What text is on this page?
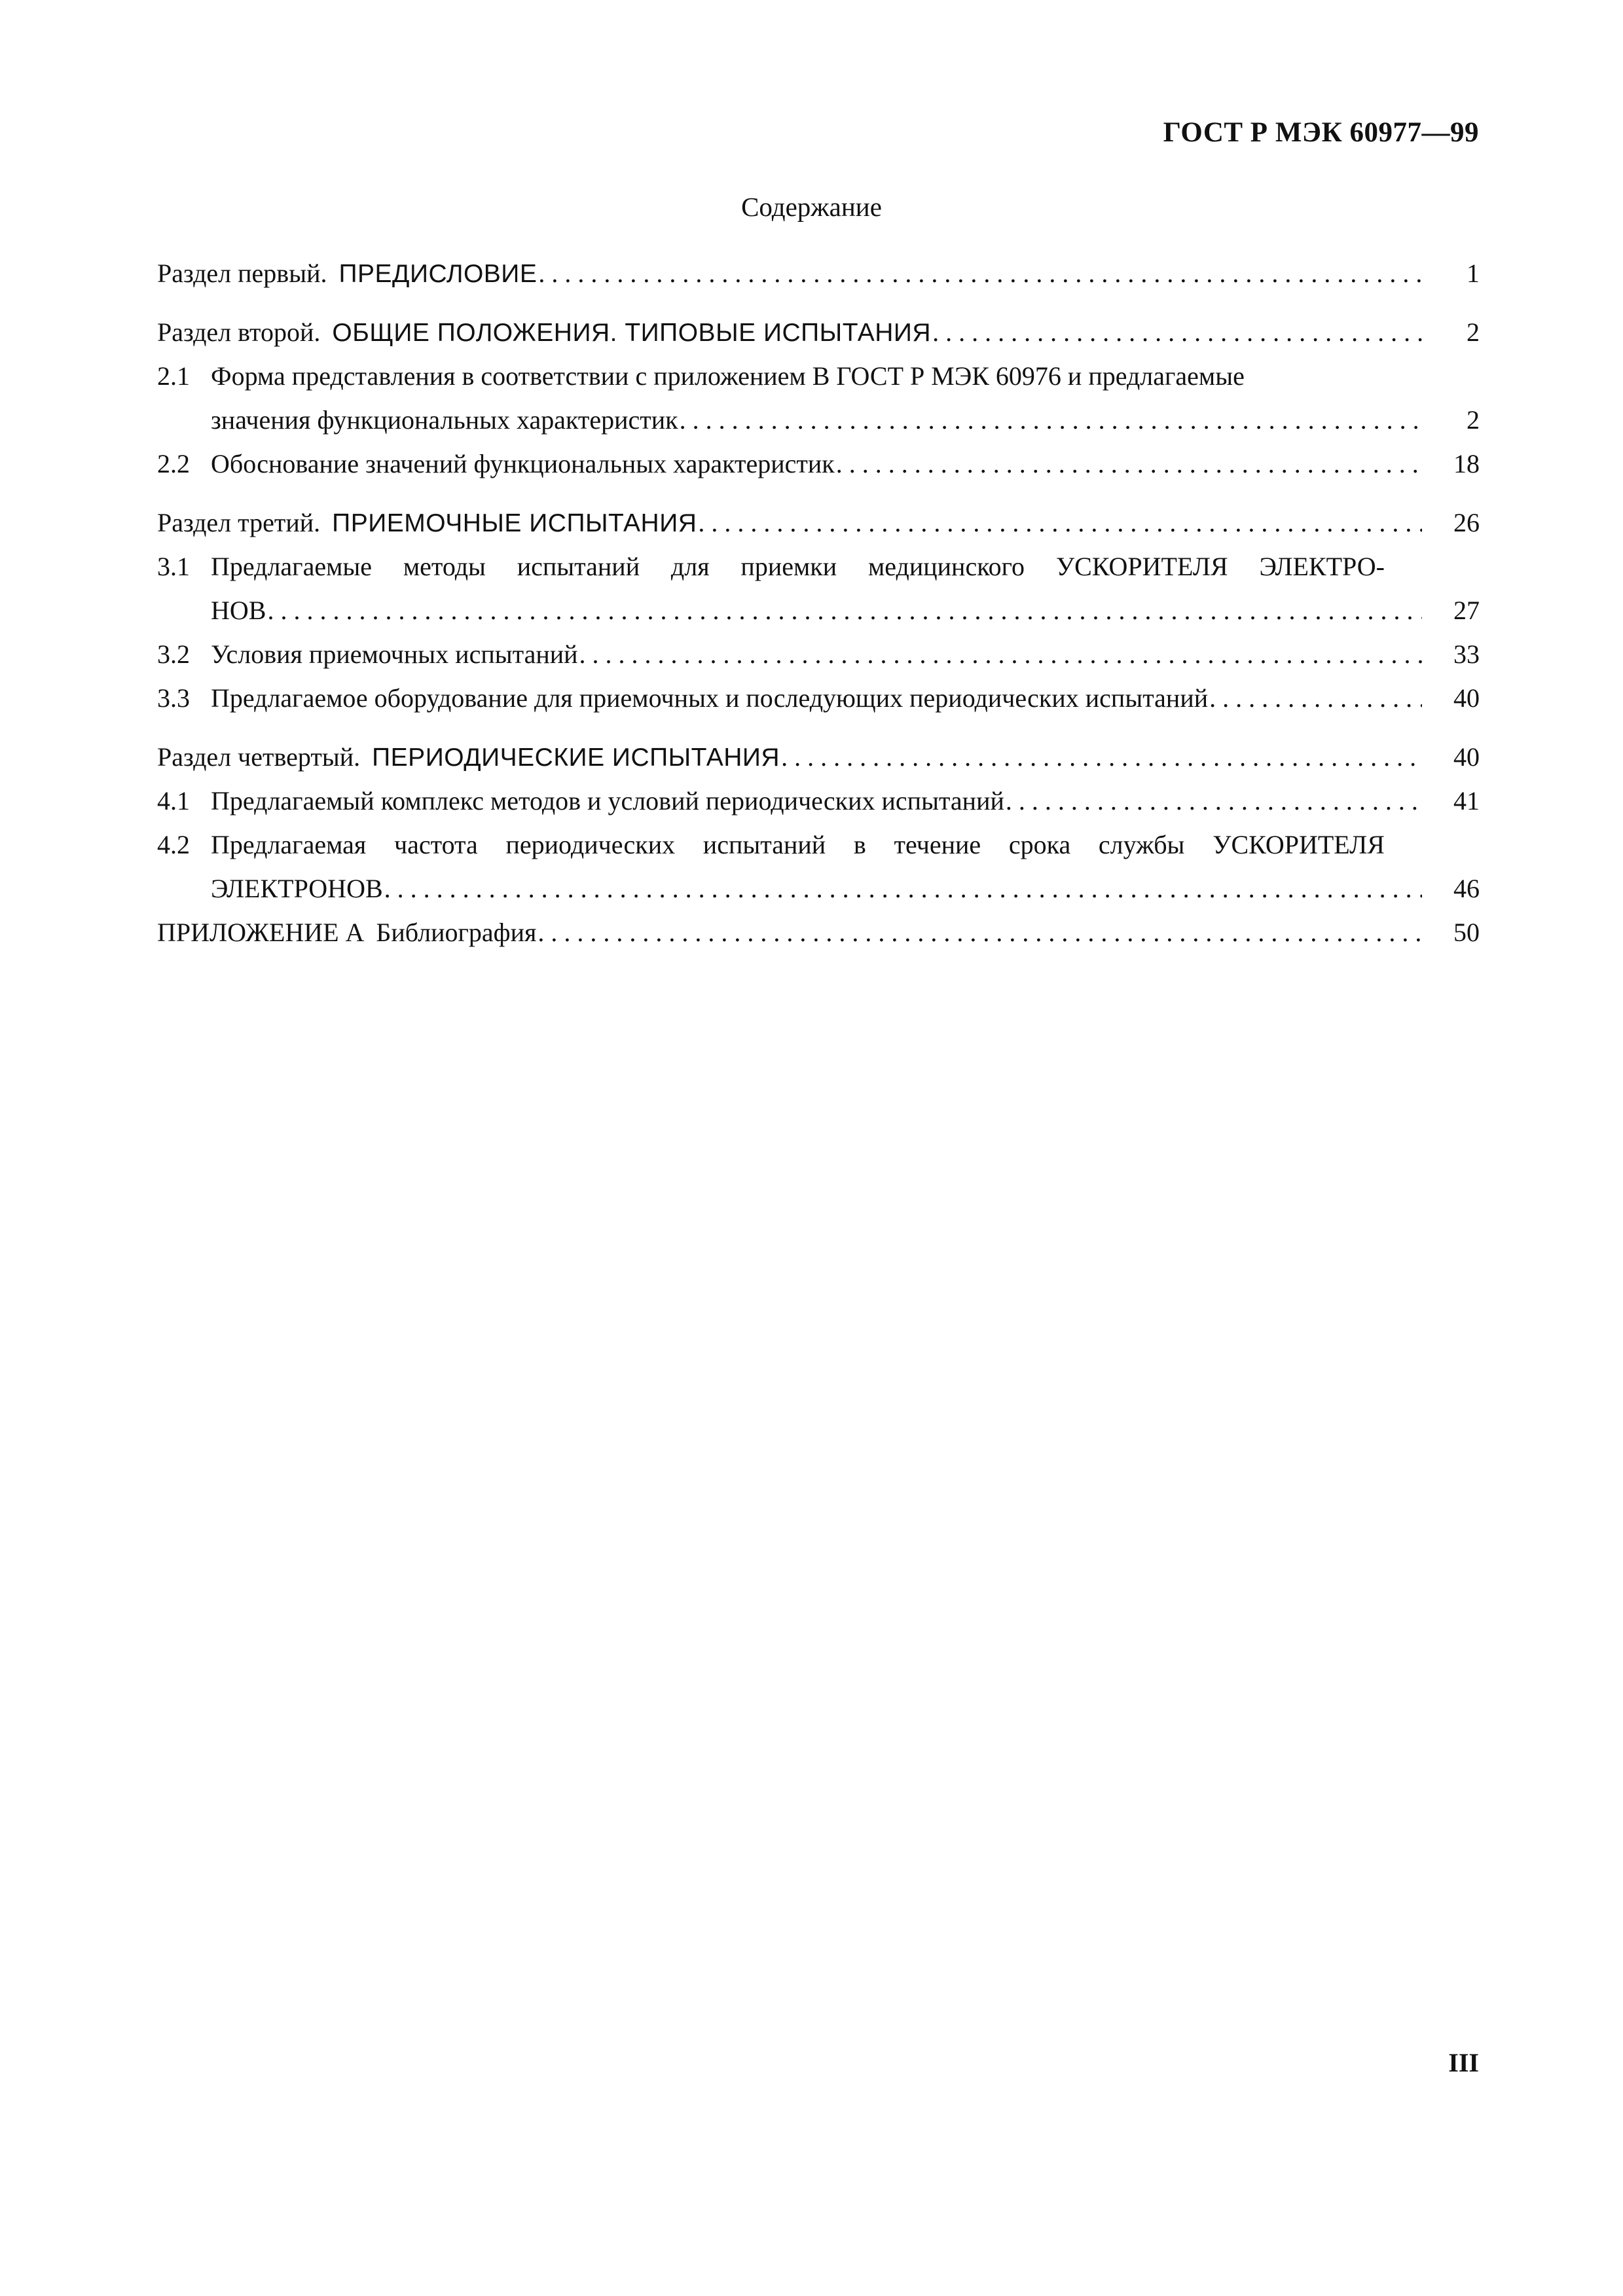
ГОСТ Р МЭК 60977—99
Содержание
Раздел первый. ПРЕДИСЛОВИЕ . . .	1
Раздел второй. ОБЩИЕ ПОЛОЖЕНИЯ. ТИПОВЫЕ ИСПЫТАНИЯ . . .	2
2.1 Форма представления в соответствии с приложением В ГОСТ Р МЭК 60976 и предлагаемые
значения функциональных характеристик . . .	2
2.2 Обоснование значений функциональных характеристик . . .	18
Раздел третий. ПРИЕМОЧНЫЕ ИСПЫТАНИЯ . . .	26
3.1 Предлагаемые методы испытаний для приемки медицинского УСКОРИТЕЛЯ ЭЛЕКТРО-
НОВ . . .	27
3.2 Условия приемочных испытаний . . .	33
3.3 Предлагаемое оборудование для приемочных и последующих периодических испытаний . . .	40
Раздел четвертый. ПЕРИОДИЧЕСКИЕ ИСПЫТАНИЯ . . .	40
4.1 Предлагаемый комплекс методов и условий периодических испытаний . . .	41
4.2 Предлагаемая частота периодических испытаний в течение срока службы УСКОРИТЕЛЯ
ЭЛЕКТРОНОВ . . .	46
ПРИЛОЖЕНИЕ А Библиография . . .	50
III
